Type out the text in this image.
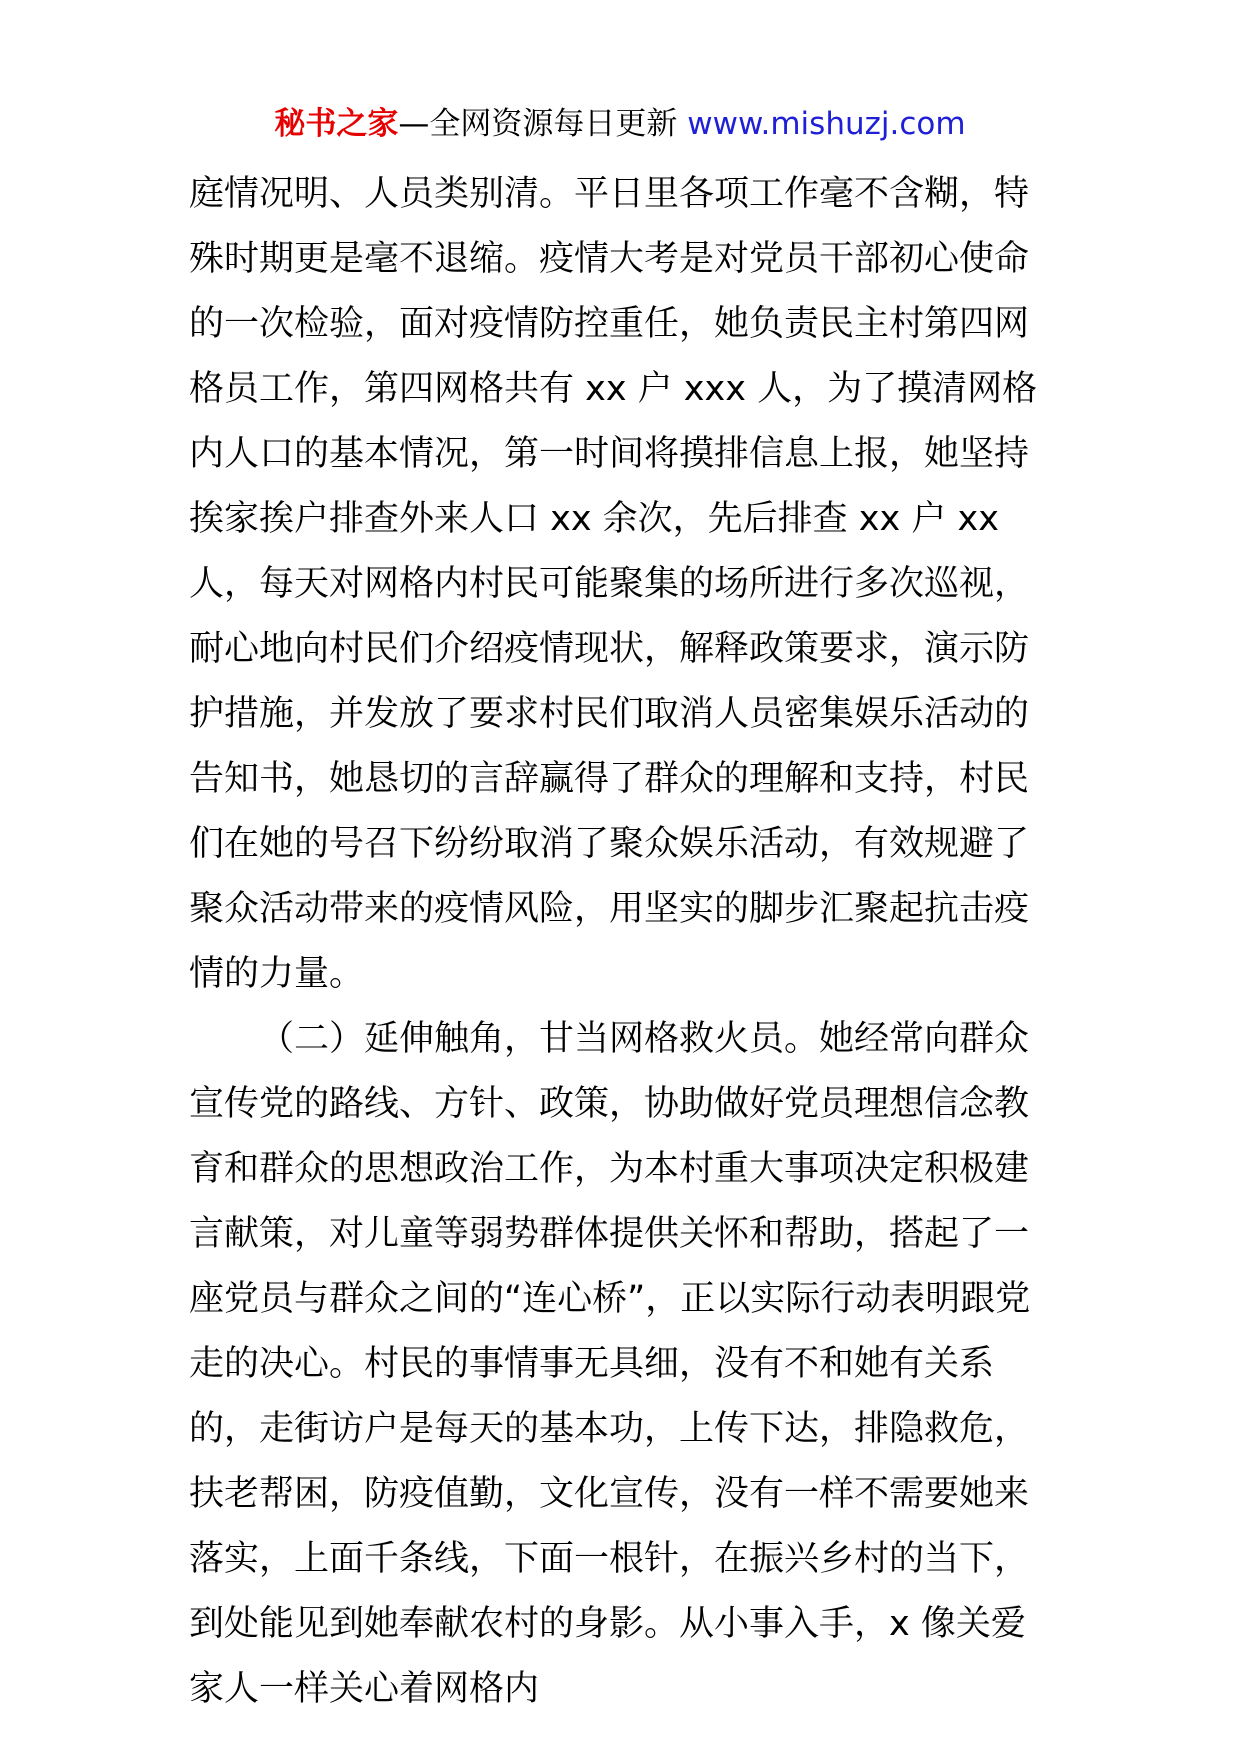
秘书之家—全网资源每日更新 www.mishuzj.com

庭情况明、人员类别清。平日里各项工作毫不含糊，特殊时期更是毫不退缩。疫情大考是对党员干部初心使命的一次检验，面对疫情防控重任，她负责民主村第四网格员工作，第四网格共有 xx 户 xxx 人，为了摸清网格内人口的基本情况，第一时间将摸排信息上报，她坚持挨家挨户排查外来人口 xx 余次，先后排查 xx 户 xx 人，每天对网格内村民可能聚集的场所进行多次巡视，耐心地向村民们介绍疫情现状，解释政策要求，演示防护措施，并发放了要求村民们取消人员密集娱乐活动的告知书，她恳切的言辞赢得了群众的理解和支持，村民们在她的号召下纷纷取消了聚众娱乐活动，有效规避了聚众活动带来的疫情风险，用坚实的脚步汇聚起抗击疫情的力量。

（二）延伸触角，甘当网格救火员。她经常向群众宣传党的路线、方针、政策，协助做好党员理想信念教育和群众的思想政治工作，为本村重大事项决定积极建言献策，对儿童等弱势群体提供关怀和帮助，搭起了一座党员与群众之间的“连心桥”，正以实际行动表明跟党走的决心。村民的事情事无具细，没有不和她有关系的，走街访户是每天的基本功，上传下达，排隐救危，扶老帮困，防疫值勤，文化宣传，没有一样不需要她来落实，上面千条线，下面一根针，在振兴乡村的当下，到处能见到她奉献农村的身影。从小事入手，x 像关爱家人一样关心着网格内
